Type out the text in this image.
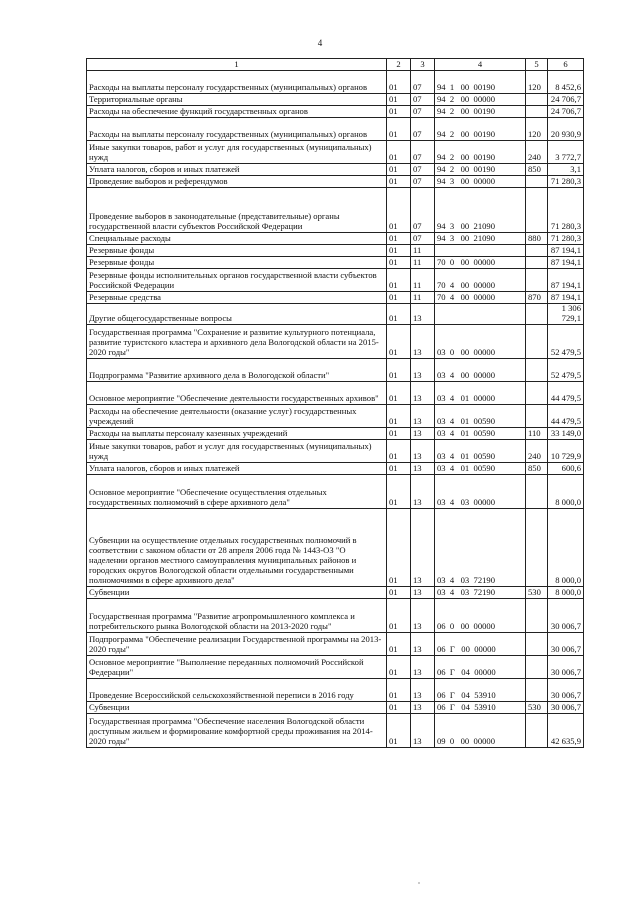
4
1	2	3	4	5	6
Расходы на выплаты персоналу государственных (муниципальных) органов	01	07	94  1   00  00190	120	8 452,6
Территориальные органы	01	07	94  2   00  00000		24 706,7
Расходы на обеспечение функций государственных органов	01	07	94  2   00  00190		24 706,7
Расходы на выплаты персоналу государственных (муниципальных) органов	01	07	94  2   00  00190	120	20 930,9
Иные закупки товаров, работ и услуг для государственных (муниципальных) нужд	01	07	94  2   00  00190	240	3 772,7
Уплата налогов, сборов и иных платежей	01	07	94  2   00  00190	850	3,1
Проведение выборов и референдумов	01	07	94  3   00  00000		71 280,3
Проведение выборов в законодательные (представительные) органы государственной власти субъектов Российской Федерации	01	07	94  3   00  21090		71 280,3
Специальные расходы	01	07	94  3   00  21090	880	71 280,3
Резервные фонды	01	11			87 194,1
Резервные фонды	01	11	70  0   00  00000		87 194,1
Резервные фонды исполнительных органов государственной власти субъектов Российской Федерации	01	11	70  4   00  00000		87 194,1
Резервные средства	01	11	70  4   00  00000	870	87 194,1
Другие общегосударственные вопросы	01	13			1 306 729,1
Государственная программа "Сохранение и развитие культурного потенциала, развитие туристского кластера и архивного дела Вологодской области на 2015-2020 годы"	01	13	03  0   00  00000		52 479,5
Подпрограмма "Развитие архивного дела в Вологодской области"	01	13	03  4   00  00000		52 479,5
Основное мероприятие "Обеспечение деятельности государственных архивов"	01	13	03  4   01  00000		44 479,5
Расходы на обеспечение деятельности (оказание услуг) государственных учреждений	01	13	03  4   01  00590		44 479,5
Расходы на выплаты персоналу казенных учреждений	01	13	03  4   01  00590	110	33 149,0
Иные закупки товаров, работ и услуг для государственных (муниципальных) нужд	01	13	03  4   01  00590	240	10 729,9
Уплата налогов, сборов и иных платежей	01	13	03  4   01  00590	850	600,6
Основное мероприятие "Обеспечение осуществления отдельных государственных полномочий в сфере архивного дела"	01	13	03  4   03  00000		8 000,0
Субвенции на осуществление отдельных государственных полномочий в соответствии с законом области от 28 апреля 2006 года № 1443-ОЗ "О наделении органов местного самоуправления муниципальных районов и городских округов Вологодской области отдельными государственными полномочиями в сфере архивного дела"	01	13	03  4   03  72190		8 000,0
Субвенции	01	13	03  4   03  72190	530	8 000,0
Государственная программа "Развитие агропромышленного комплекса и потребительского рынка Вологодской области на 2013-2020 годы"	01	13	06  0   00  00000		30 006,7
Подпрограмма "Обеспечение реализации Государственной программы на 2013-2020 годы"	01	13	06  Г   00  00000		30 006,7
Основное мероприятие "Выполнение переданных полномочий Российской Федерации"	01	13	06  Г   04  00000		30 006,7
Проведение Всероссийской сельскохозяйственной переписи в 2016 году	01	13	06  Г   04  53910		30 006,7
Субвенции	01	13	06  Г   04  53910	530	30 006,7
Государственная программа "Обеспечение населения Вологодской области доступным жильем и формирование комфортной среды проживания на 2014-2020 годы"	01	13	09  0   00  00000		42 635,9
